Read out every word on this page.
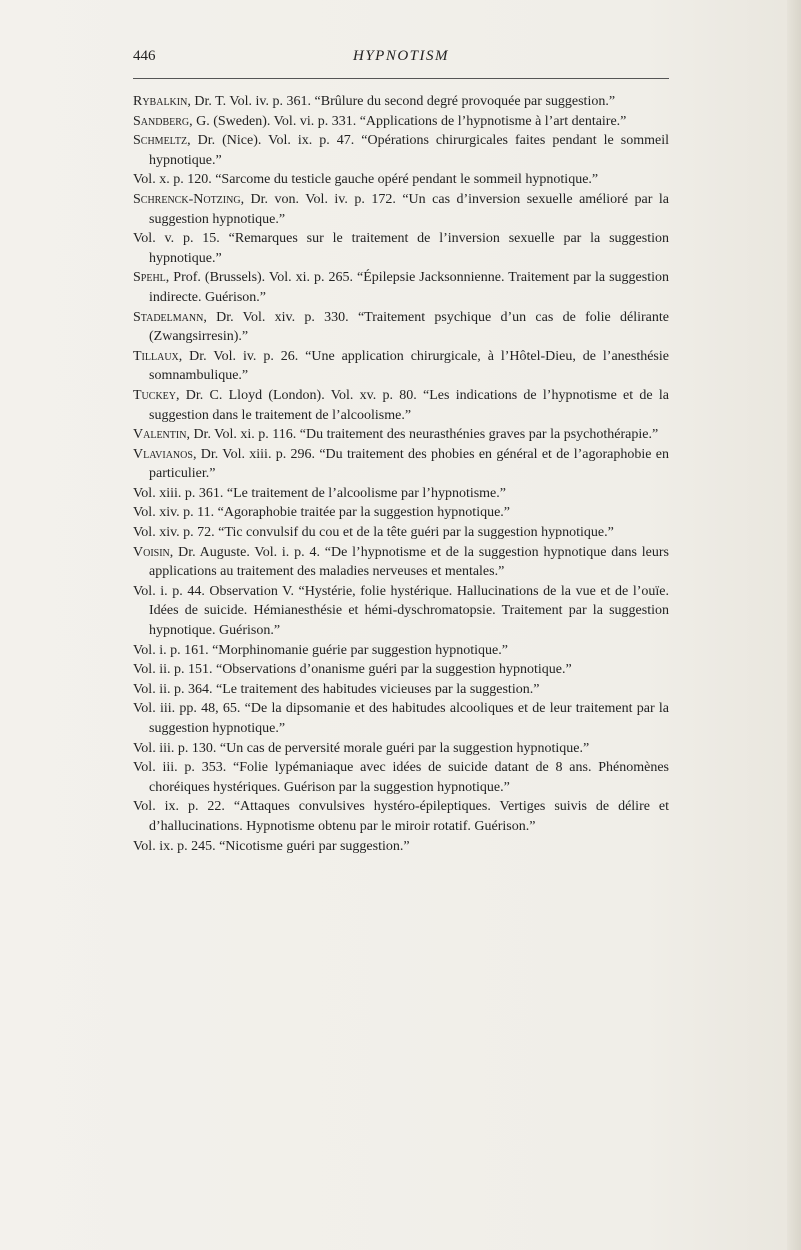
446	HYPNOTISM

Rybalkin, Dr. T. Vol. iv. p. 361. “Brûlure du second degré provoquée par suggestion.”

Sandberg, G. (Sweden). Vol. vi. p. 331. “Applications de l’hypnotisme à l’art dentaire.”

Schmeltz, Dr. (Nice). Vol. ix. p. 47. “Opérations chirurgicales faites pendant le sommeil hypnotique.”

Vol. x. p. 120. “Sarcome du testicle gauche opéré pendant le sommeil hypnotique.”

Schrenck-Notzing, Dr. von. Vol. iv. p. 172. “Un cas d’inversion sexuelle amélioré par la suggestion hypnotique.”

Vol. v. p. 15. “Remarques sur le traitement de l’inversion sexuelle par la suggestion hypnotique.”

Spehl, Prof. (Brussels). Vol. xi. p. 265. “Épilepsie Jacksonnienne. Traitement par la suggestion indirecte. Guérison.”

Stadelmann, Dr. Vol. xiv. p. 330. “Traitement psychique d’un cas de folie délirante (Zwangsirresin).”

Tillaux, Dr. Vol. iv. p. 26. “Une application chirurgicale, à l’Hôtel-Dieu, de l’anesthésie somnambulique.”

Tuckey, Dr. C. Lloyd (London). Vol. xv. p. 80. “Les indications de l’hypnotisme et de la suggestion dans le traitement de l’alcoolisme.”

Valentin, Dr. Vol. xi. p. 116. “Du traitement des neurasthénies graves par la psychothérapie.”

Vlavianos, Dr. Vol. xiii. p. 296. “Du traitement des phobies en général et de l’agoraphobie en particulier.”

Vol. xiii. p. 361. “Le traitement de l’alcoolisme par l’hypnotisme.”

Vol. xiv. p. 11. “Agoraphobie traitée par la suggestion hypnotique.”

Vol. xiv. p. 72. “Tic convulsif du cou et de la tête guéri par la suggestion hypnotique.”

Voisin, Dr. Auguste. Vol. i. p. 4. “De l’hypnotisme et de la suggestion hypnotique dans leurs applications au traitement des maladies nerveuses et mentales.”

Vol. i. p. 44. Observation V. “Hystérie, folie hystérique. Hallucinations de la vue et de l’ouïe. Idées de suicide. Hémianesthésie et hémi-dyschromatopsie. Traitement par la suggestion hypnotique. Guérison.”

Vol. i. p. 161. “Morphinomanie guérie par suggestion hypnotique.”

Vol. ii. p. 151. “Observations d’onanisme guéri par la suggestion hypnotique.”

Vol. ii. p. 364. “Le traitement des habitudes vicieuses par la suggestion.”

Vol. iii. pp. 48, 65. “De la dipsomanie et des habitudes alcooliques et de leur traitement par la suggestion hypnotique.”

Vol. iii. p. 130. “Un cas de perversité morale guéri par la suggestion hypnotique.”

Vol. iii. p. 353. “Folie lypémaniaque avec idées de suicide datant de 8 ans. Phénomènes choréiques hystériques. Guérison par la suggestion hypnotique.”

Vol. ix. p. 22. “Attaques convulsives hystéro-épileptiques. Vertiges suivis de délire et d’hallucinations. Hypnotisme obtenu par le miroir rotatif. Guérison.”

Vol. ix. p. 245. “Nicotisme guéri par suggestion.”
